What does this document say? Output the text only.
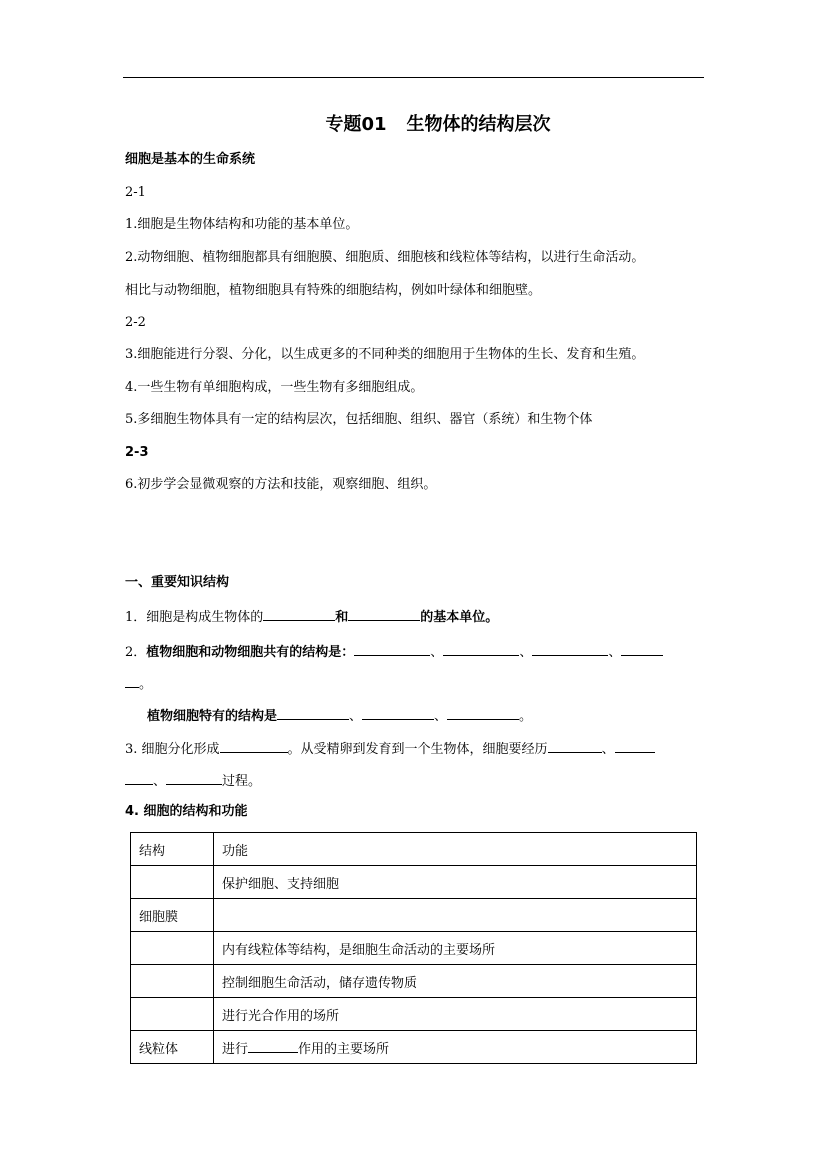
专题01 生物体的结构层次
细胞是基本的生命系统
2-1
1.细胞是生物体结构和功能的基本单位。
2.动物细胞、植物细胞都具有细胞膜、细胞质、细胞核和线粒体等结构，以进行生命活动。
相比与动物细胞，植物细胞具有特殊的细胞结构，例如叶绿体和细胞壁。
2-2
3.细胞能进行分裂、分化，以生成更多的不同种类的细胞用于生物体的生长、发育和生殖。
4.一些生物有单细胞构成，一些生物有多细胞组成。
5.多细胞生物体具有一定的结构层次，包括细胞、组织、器官（系统）和生物个体
2-3
6.初步学会显微观察的方法和技能，观察细胞、组织。
一、重要知识结构
1．细胞是构成生物体的	和	的基本单位。
2．植物细胞和动物细胞共有的结构是：	、	、	、
。
植物细胞特有的结构是	、	、	。
3. 细胞分化形成	。从受精卵到发育到一个生物体，细胞要经历	、
、	过程。
4. 细胞的结构和功能
结构	功能
	保护细胞、支持细胞
细胞膜	
	内有线粒体等结构，是细胞生命活动的主要场所
	控制细胞生命活动，储存遗传物质
	进行光合作用的场所
线粒体	进行 作用的主要场所
